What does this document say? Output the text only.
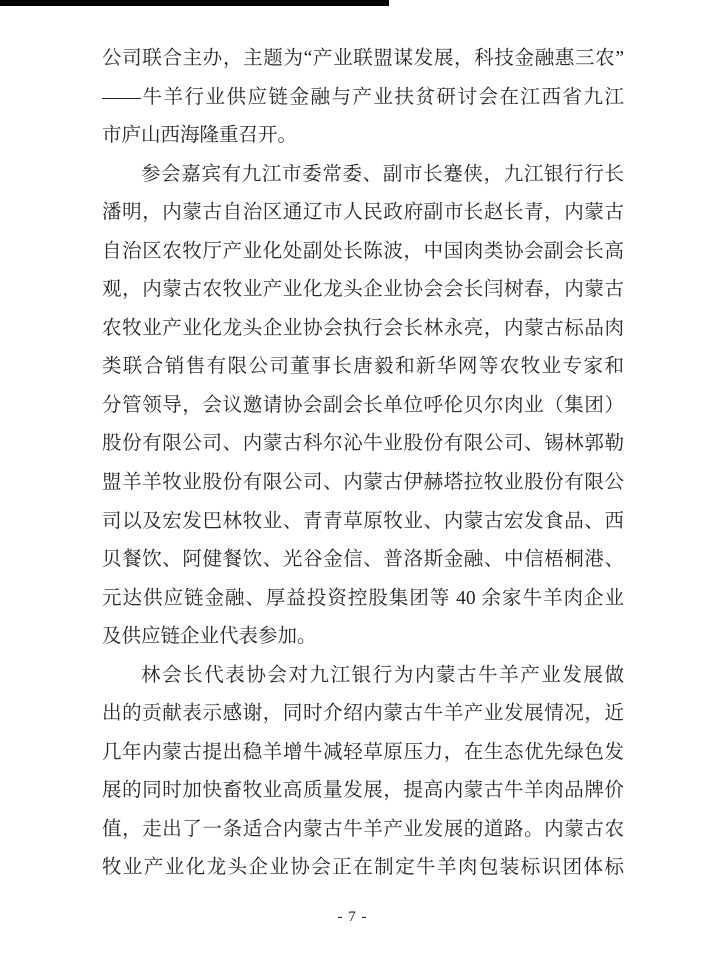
公司联合主办，主题为“产业联盟谋发展，科技金融惠三农”
——牛羊行业供应链金融与产业扶贫研讨会在江西省九江
市庐山西海隆重召开。
参会嘉宾有九江市委常委、副市长蹇侠，九江银行行长
潘明，内蒙古自治区通辽市人民政府副市长赵长青，内蒙古
自治区农牧厅产业化处副处长陈波，中国肉类协会副会长高
观，内蒙古农牧业产业化龙头企业协会会长闫树春，内蒙古
农牧业产业化龙头企业协会执行会长林永亮，内蒙古标品肉
类联合销售有限公司董事长唐毅和新华网等农牧业专家和
分管领导，会议邀请协会副会长单位呼伦贝尔肉业（集团）
股份有限公司、内蒙古科尔沁牛业股份有限公司、锡林郭勒
盟羊羊牧业股份有限公司、内蒙古伊赫塔拉牧业股份有限公
司以及宏发巴林牧业、青青草原牧业、内蒙古宏发食品、西
贝餐饮、阿健餐饮、光谷金信、普洛斯金融、中信梧桐港、
元达供应链金融、厚益投资控股集团等 40 余家牛羊肉企业
及供应链企业代表参加。
林会长代表协会对九江银行为内蒙古牛羊产业发展做
出的贡献表示感谢，同时介绍内蒙古牛羊产业发展情况，近
几年内蒙古提出稳羊增牛减轻草原压力，在生态优先绿色发
展的同时加快畜牧业高质量发展，提高内蒙古牛羊肉品牌价
值，走出了一条适合内蒙古牛羊产业发展的道路。内蒙古农
牧业产业化龙头企业协会正在制定牛羊肉包装标识团体标
- 7 -
